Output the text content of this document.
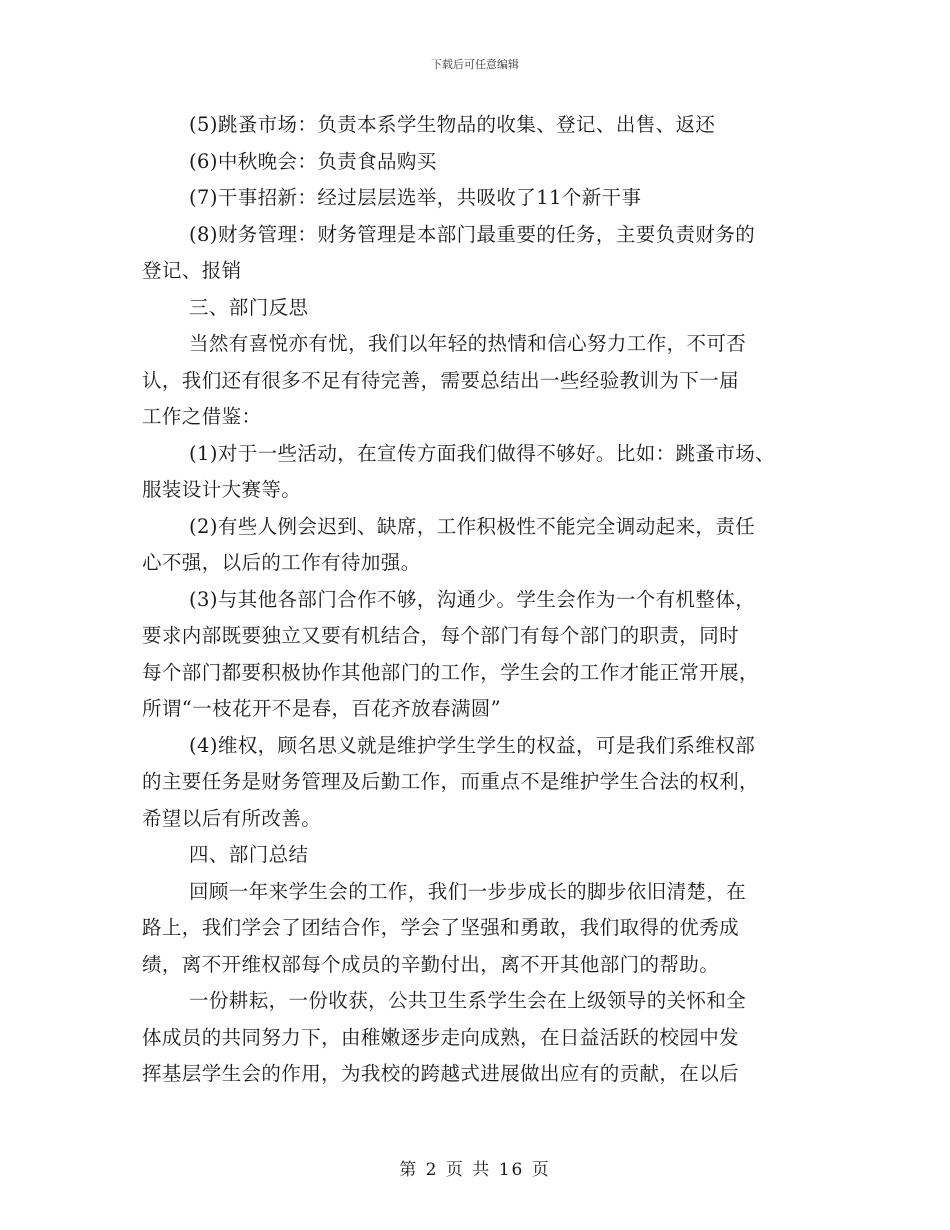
下载后可任意编辑
(5)跳蚤市场：负责本系学生物品的收集、登记、出售、返还
(6)中秋晚会：负责食品购买
(7)干事招新：经过层层选举，共吸收了11个新干事
(8)财务管理：财务管理是本部门最重要的任务，主要负责财务的
登记、报销
三、部门反思
当然有喜悦亦有忧，我们以年轻的热情和信心努力工作，不可否
认，我们还有很多不足有待完善，需要总结出一些经验教训为下一届
工作之借鉴：
(1)对于一些活动，在宣传方面我们做得不够好。比如：跳蚤市场、
服装设计大赛等。
(2)有些人例会迟到、缺席，工作积极性不能完全调动起来，责任
心不强，以后的工作有待加强。
(3)与其他各部门合作不够，沟通少。学生会作为一个有机整体，
要求内部既要独立又要有机结合，每个部门有每个部门的职责，同时
每个部门都要积极协作其他部门的工作，学生会的工作才能正常开展，
所谓“一枝花开不是春，百花齐放春满圆”
(4)维权，顾名思义就是维护学生学生的权益，可是我们系维权部
的主要任务是财务管理及后勤工作，而重点不是维护学生合法的权利，
希望以后有所改善。
四、部门总结
回顾一年来学生会的工作，我们一步步成长的脚步依旧清楚，在
路上，我们学会了团结合作，学会了坚强和勇敢，我们取得的优秀成
绩，离不开维权部每个成员的辛勤付出，离不开其他部门的帮助。
一份耕耘，一份收获，公共卫生系学生会在上级领导的关怀和全
体成员的共同努力下，由稚嫩逐步走向成熟，在日益活跃的校园中发
挥基层学生会的作用，为我校的跨越式进展做出应有的贡献，在以后
第 2 页 共 16 页
